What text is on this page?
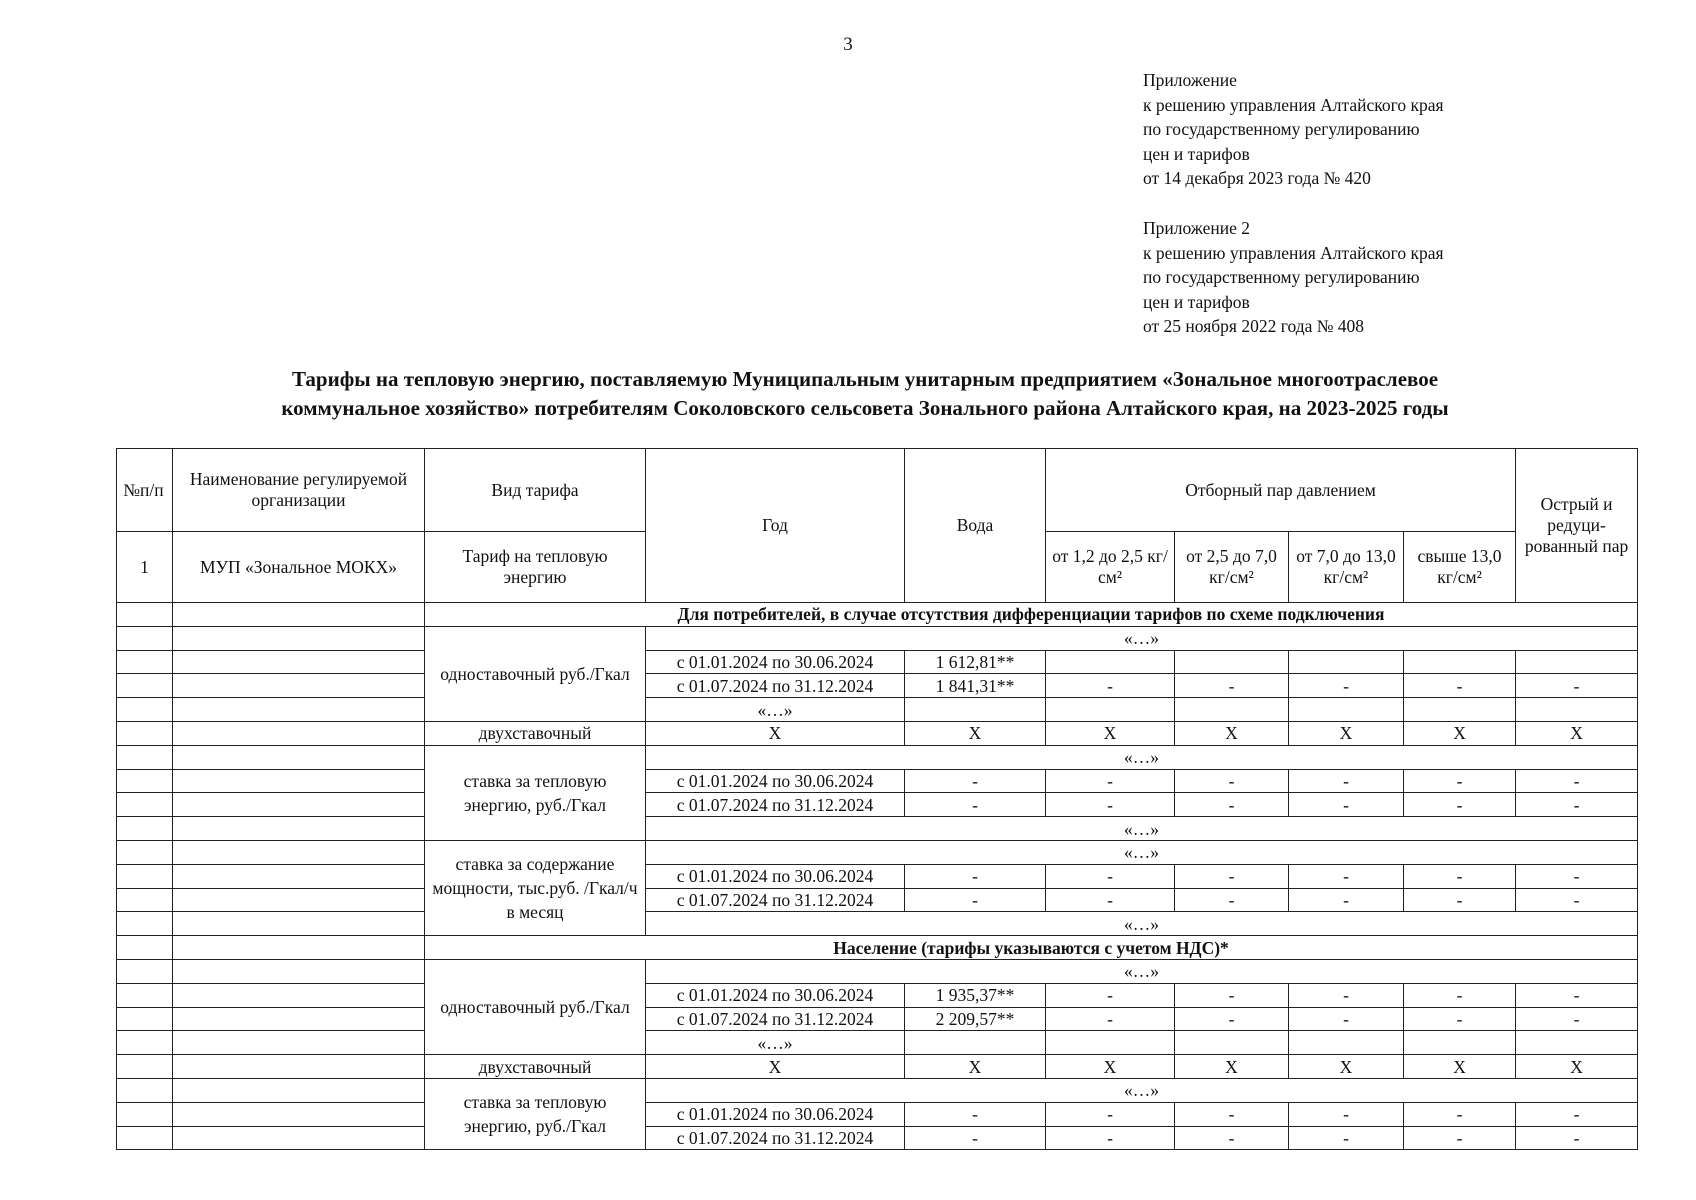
3
Приложение
к решению управления Алтайского края
по государственному регулированию
цен и тарифов
от 14 декабря 2023 года № 420
Приложение 2
к решению управления Алтайского края
по государственному регулированию
цен и тарифов
от 25 ноября 2022 года № 408
Тарифы на тепловую энергию, поставляемую Муниципальным унитарным предприятием «Зональное многоотраслевое
коммунальное хозяйство» потребителям Соколовского сельсовета Зонального района Алтайского края, на 2023-2025 годы
№п/п	Наименование регулируемой организации	Вид тарифа	Год	Вода	Отборный пар давлением				Острый и редуци-рованный пар
1	МУП «Зональное МОКХ»	Тариф на тепловую энергию			от 1,2 до 2,5 кг/см²	от 2,5 до 7,0 кг/см²	от 7,0 до 13,0 кг/см²	свыше 13,0 кг/см²	
		Для потребителей, в случае отсутствия дифференциации тарифов по схеме подключения							
		одноставочный руб./Гкал	«…»						
			с 01.01.2024 по 30.06.2024	1 612,81**					
			с 01.07.2024 по 31.12.2024	1 841,31**	-	-	-	-	-
			«…»						
		двухставочный	Х	Х	Х	Х	Х	Х	Х
		ставка за тепловую энергию, руб./Гкал	«…»						
			с 01.01.2024 по 30.06.2024	-	-	-	-	-	-
			с 01.07.2024 по 31.12.2024	-	-	-	-	-	-
			«…»						
		ставка за содержание мощности, тыс.руб. /Гкал/ч в месяц	«…»						
			с 01.01.2024 по 30.06.2024	-	-	-	-	-	-
			с 01.07.2024 по 31.12.2024	-	-	-	-	-	-
			«…»						
		Население (тарифы указываются с учетом НДС)*							
		одноставочный руб./Гкал	«…»						
			с 01.01.2024 по 30.06.2024	1 935,37**	-	-	-	-	-
			с 01.07.2024 по 31.12.2024	2 209,57**	-	-	-	-	-
			«…»						
		двухставочный	Х	Х	Х	Х	Х	Х	Х
		ставка за тепловую энергию, руб./Гкал	«…»						
			с 01.01.2024 по 30.06.2024	-	-	-	-	-	-
			с 01.07.2024 по 31.12.2024	-	-	-	-	-	-
